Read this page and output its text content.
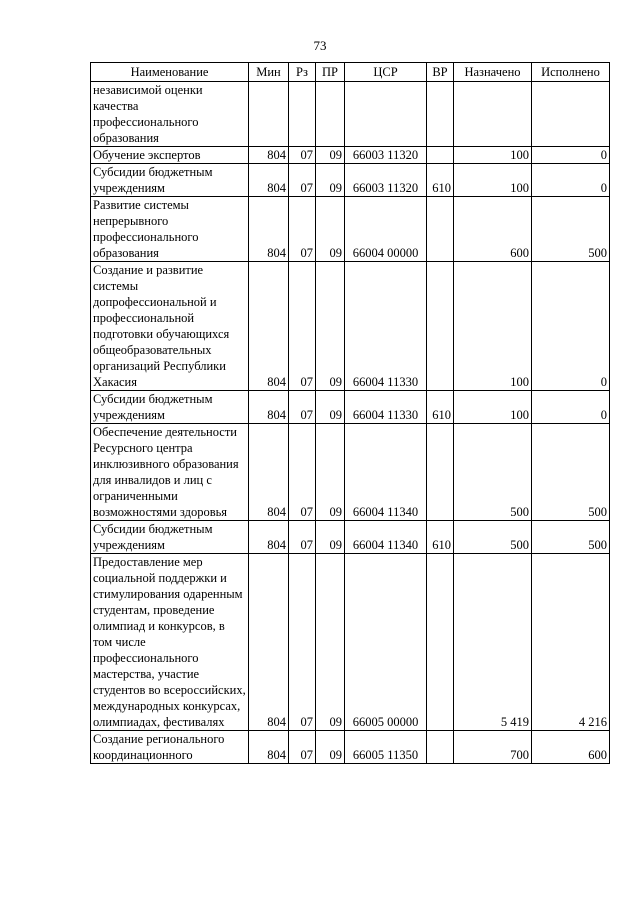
73
Наименование	Мин	Рз	ПР	ЦСР	ВР	Назначено	Исполнено
независимой оценки качества профессионального образования							
Обучение экспертов	804	07	09	66003 11320		100	0
Субсидии бюджетным учреждениям	804	07	09	66003 11320	610	100	0
Развитие системы непрерывного профессионального образования	804	07	09	66004 00000		600	500
Создание и развитие системы допрофессиональной и профессиональной подготовки обучающихся общеобразовательных организаций Республики Хакасия	804	07	09	66004 11330		100	0
Субсидии бюджетным учреждениям	804	07	09	66004 11330	610	100	0
Обеспечение деятельности Ресурсного центра инклюзивного образования для инвалидов и лиц с ограниченными возможностями здоровья	804	07	09	66004 11340		500	500
Субсидии бюджетным учреждениям	804	07	09	66004 11340	610	500	500
Предоставление мер социальной поддержки и стимулирования одаренным студентам, проведение олимпиад и конкурсов, в том числе профессионального мастерства, участие студентов во всероссийских, международных конкурсах, олимпиадах, фестивалях	804	07	09	66005 00000		5 419	4 216
Создание регионального координационного	804	07	09	66005 11350		700	600
